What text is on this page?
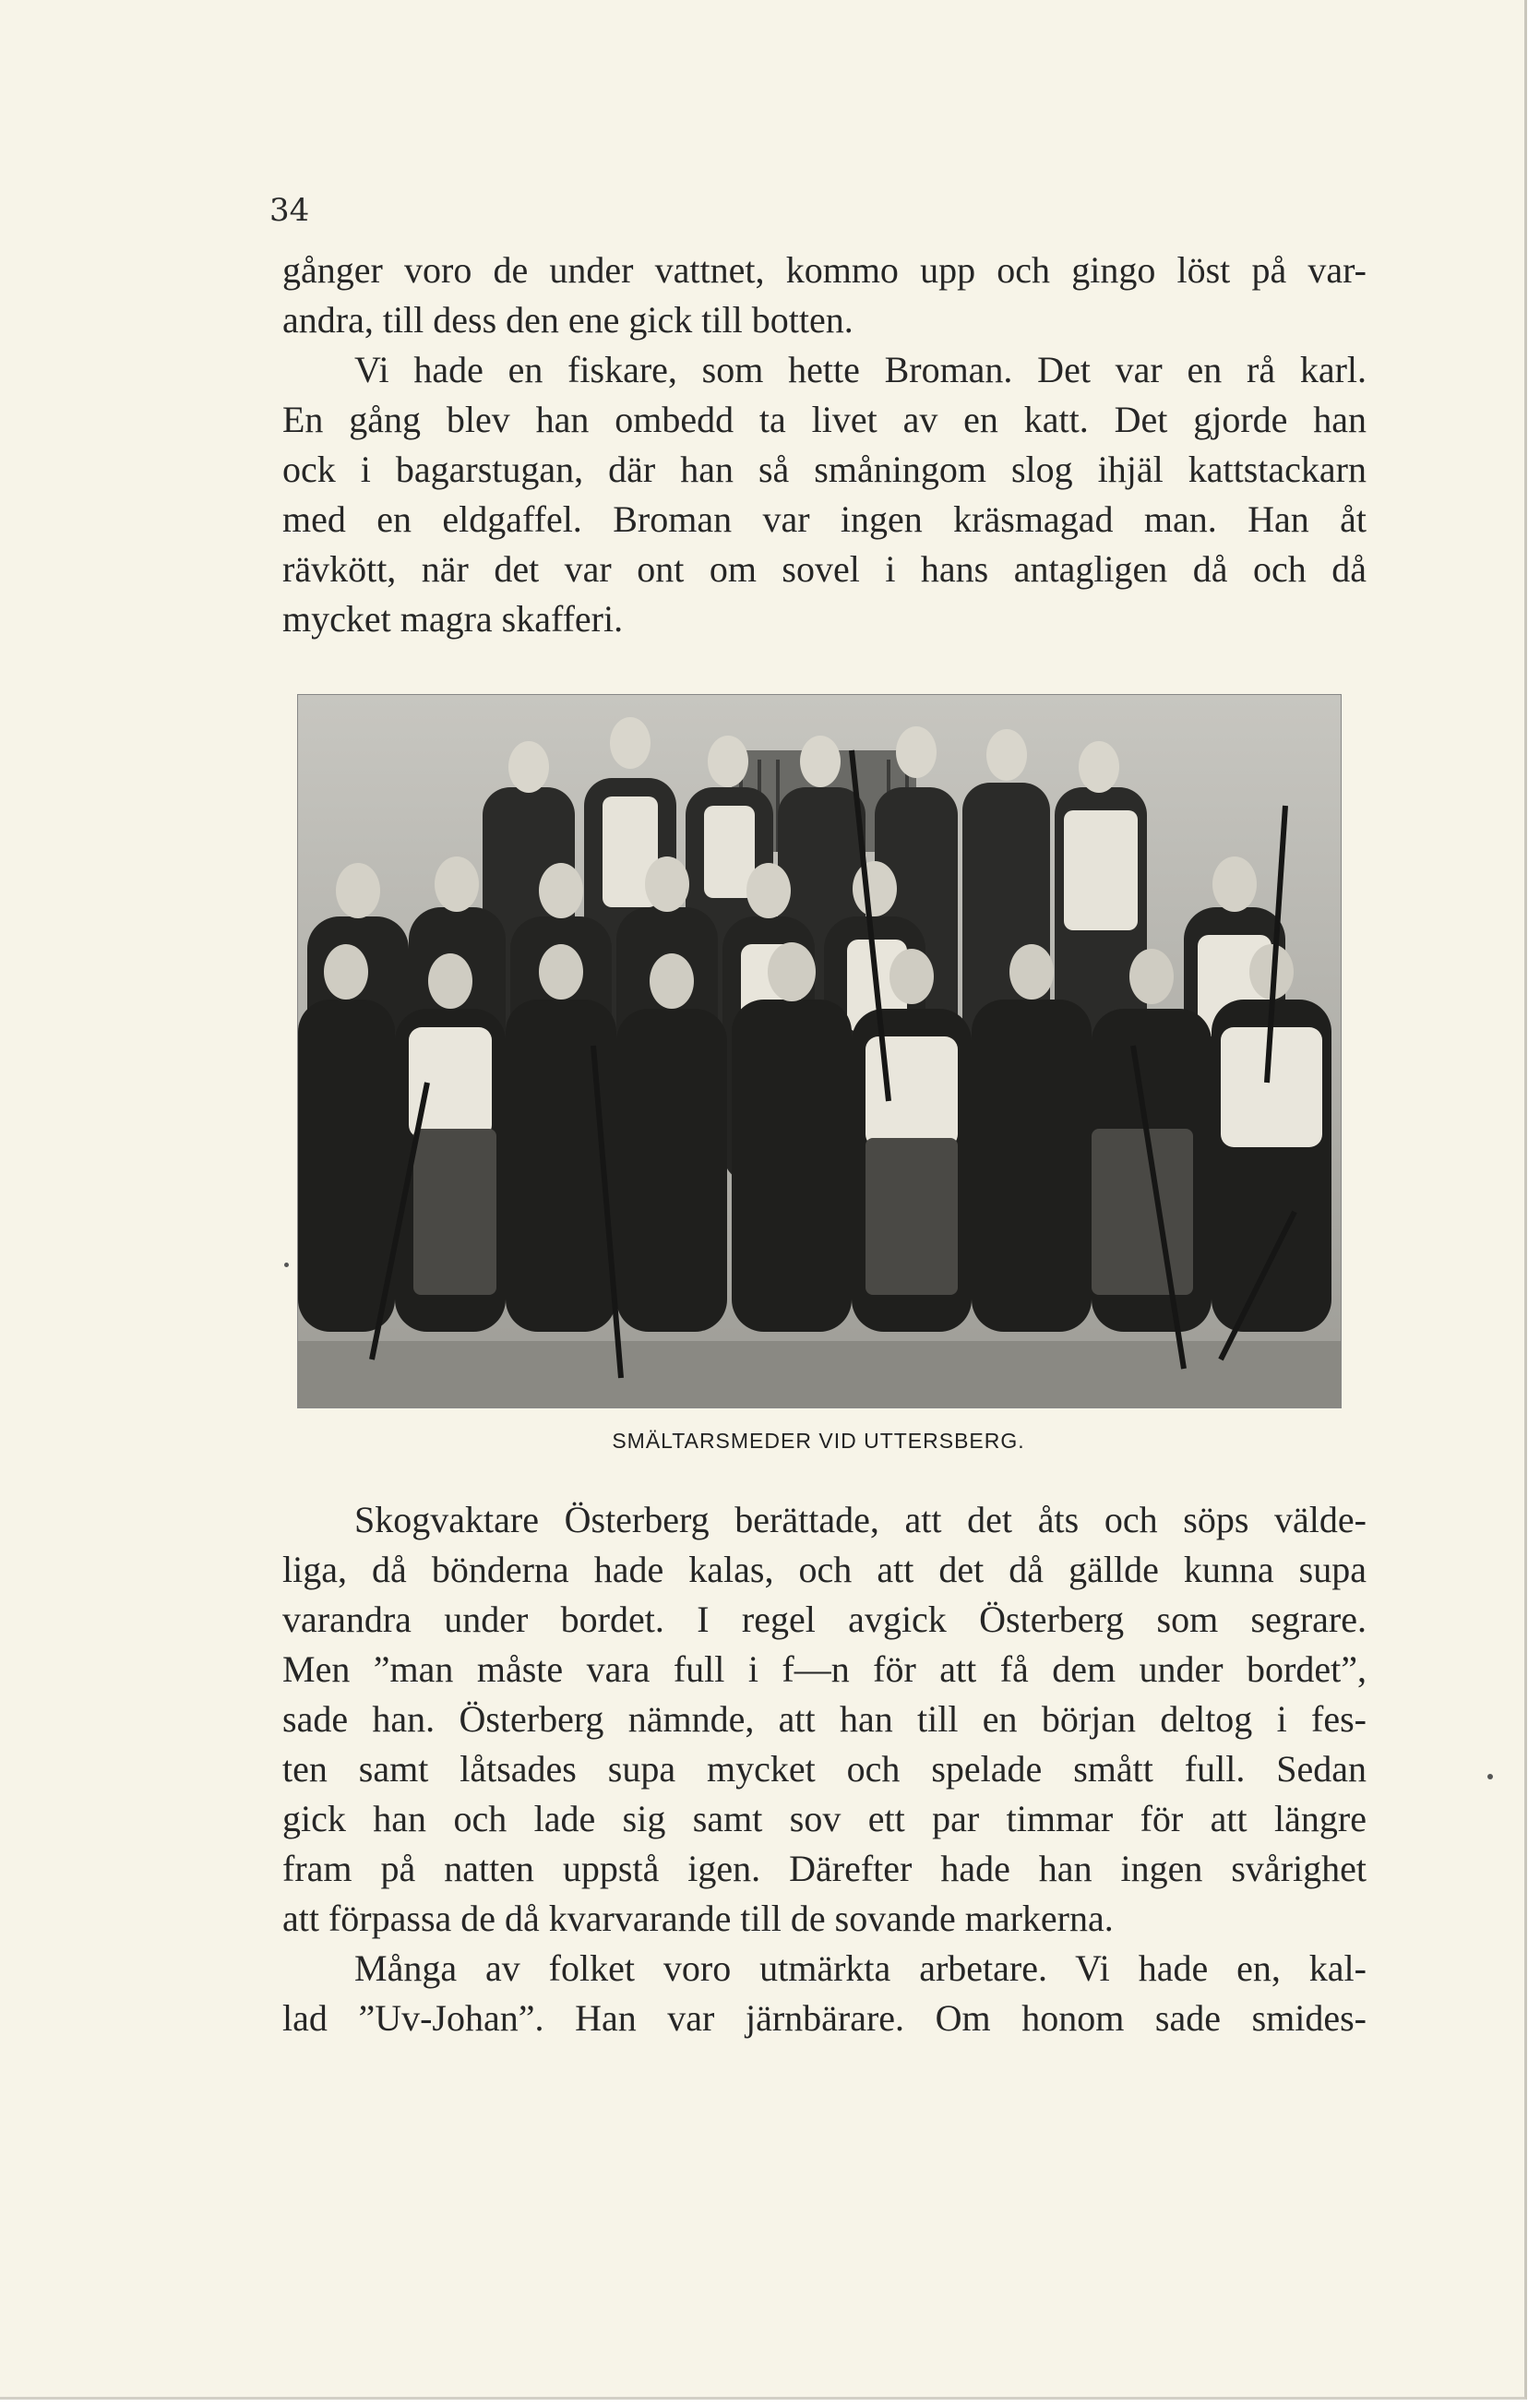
34

gånger voro de under vattnet, kommo upp och gingo löst på var-
andra, till dess den ene gick till botten.

Vi hade en fiskare, som hette Broman. Det var en rå karl.
En gång blev han ombedd ta livet av en katt. Det gjorde han
ock i bagarstugan, där han så småningom slog ihjäl kattstackarn
med en eldgaffel. Broman var ingen kräsmagad man. Han åt
rävkött, när det var ont om sovel i hans antagligen då och då
mycket magra skafferi.

SMÄLTARSMEDER VID UTTERSBERG.

Skogvaktare Österberg berättade, att det åts och söps välde-
liga, då bönderna hade kalas, och att det då gällde kunna supa
varandra under bordet. I regel avgick Österberg som segrare.
Men ”man måste vara full i f—n för att få dem under bordet”,
sade han. Österberg nämnde, att han till en början deltog i fes-
ten samt låtsades supa mycket och spelade smått full. Sedan
gick han och lade sig samt sov ett par timmar för att längre
fram på natten uppstå igen. Därefter hade han ingen svårighet
att förpassa de då kvarvarande till de sovande markerna.

Många av folket voro utmärkta arbetare. Vi hade en, kal-
lad ”Uv-Johan”. Han var järnbärare. Om honom sade smides-
